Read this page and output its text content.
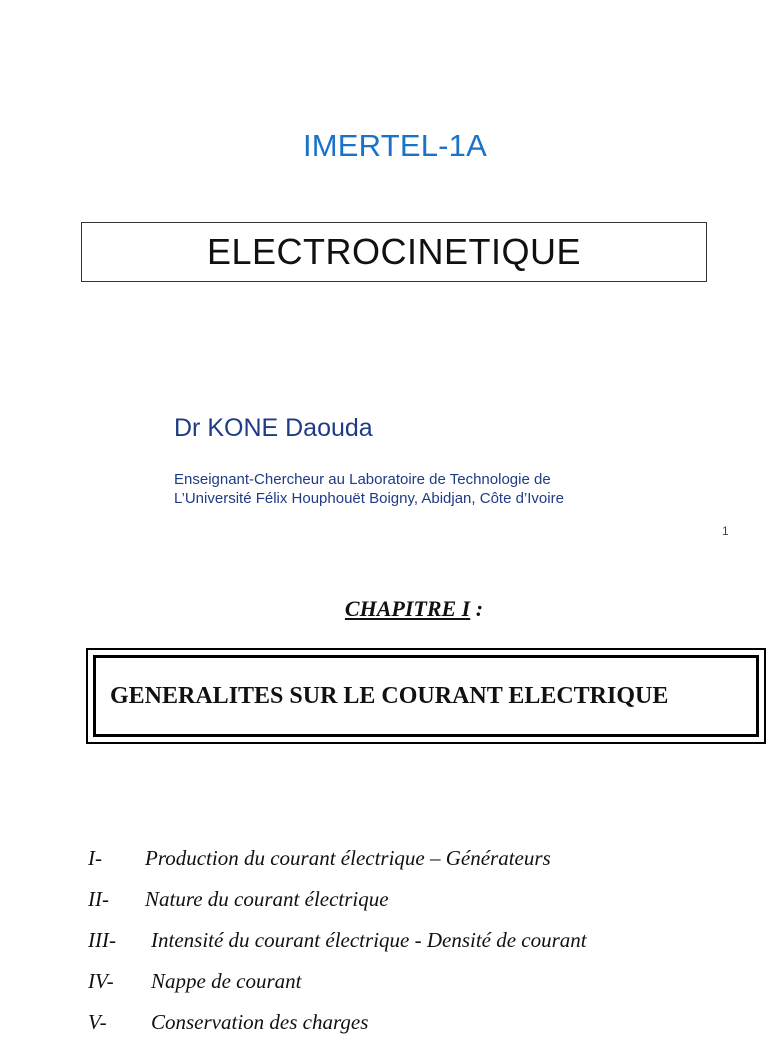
IMERTEL-1A
ELECTROCINETIQUE
Dr KONE Daouda
Enseignant-Chercheur au Laboratoire de Technologie de
L’Université Félix Houphouët Boigny, Abidjan, Côte d’Ivoire
1
CHAPITRE I :
GENERALITES SUR LE COURANT ELECTRIQUE
I- Production du courant électrique – Générateurs
II- Nature du courant électrique
III- Intensité du courant électrique - Densité de courant
IV- Nappe de courant
V- Conservation des charges
